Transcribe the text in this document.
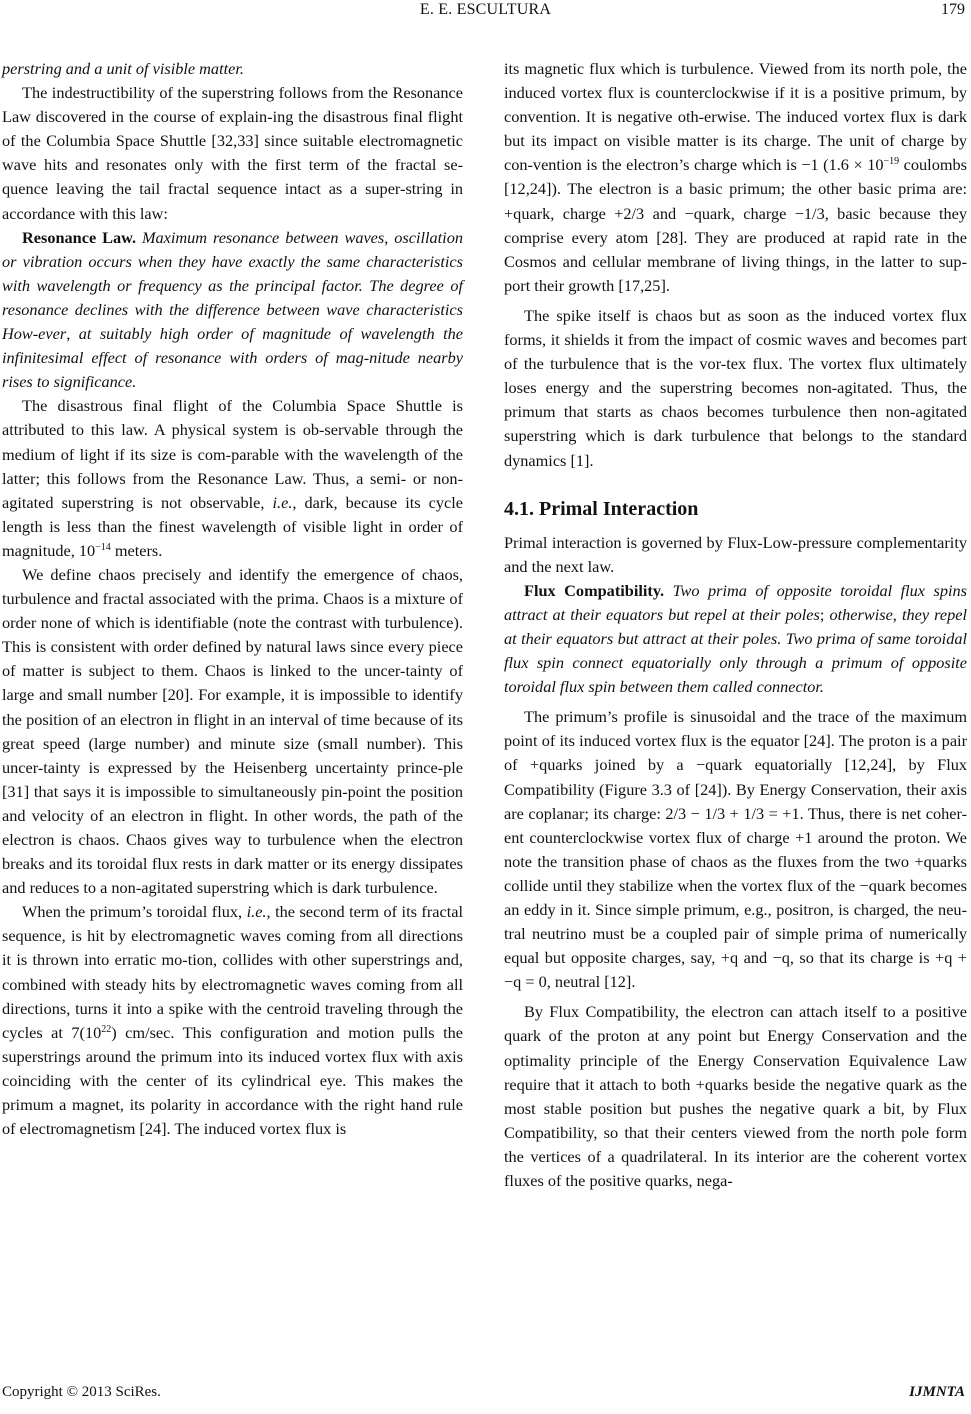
E. E. ESCULTURA	179

perstring and a unit of visible matter.

The indestructibility of the superstring follows from the Resonance Law discovered in the course of explain-ing the disastrous final flight of the Columbia Space Shuttle [32,33] since suitable electromagnetic wave hits and resonates only with the first term of the fractal se-quence leaving the tail fractal sequence intact as a super-string in accordance with this law:

Resonance Law. Maximum resonance between waves, oscillation or vibration occurs when they have exactly the same characteristics with wavelength or frequency as the principal factor. The degree of resonance declines with the difference between wave characteristics How-ever, at suitably high order of magnitude of wavelength the infinitesimal effect of resonance with orders of mag-nitude nearby rises to significance.

The disastrous final flight of the Columbia Space Shuttle is attributed to this law. A physical system is ob-servable through the medium of light if its size is com-parable with the wavelength of the latter; this follows from the Resonance Law. Thus, a semi- or non-agitated superstring is not observable, i.e., dark, because its cycle length is less than the finest wavelength of visible light in order of magnitude, $10^{-14}$ meters.

We define chaos precisely and identify the emergence of chaos, turbulence and fractal associated with the prima. Chaos is a mixture of order none of which is identifiable (note the contrast with turbulence). This is consistent with order defined by natural laws since every piece of matter is subject to them. Chaos is linked to the uncer-tainty of large and small number [20]. For example, it is impossible to identify the position of an electron in flight in an interval of time because of its great speed (large number) and minute size (small number). This uncer-tainty is expressed by the Heisenberg uncertainty prince-ple [31] that says it is impossible to simultaneously pin-point the position and velocity of an electron in flight. In other words, the path of the electron is chaos. Chaos gives way to turbulence when the electron breaks and its toroidal flux rests in dark matter or its energy dissipates and reduces to a non-agitated superstring which is dark turbulence.

When the primum’s toroidal flux, i.e., the second term of its fractal sequence, is hit by electromagnetic waves coming from all directions it is thrown into erratic mo-tion, collides with other superstrings and, combined with steady hits by electromagnetic waves coming from all directions, turns it into a spike with the centroid traveling through the cycles at $7(10^{22})$ cm/sec. This configuration and motion pulls the superstrings around the primum into its induced vortex flux with axis coinciding with the center of its cylindrical eye. This makes the primum a magnet, its polarity in accordance with the right hand rule of electromagnetism [24]. The induced vortex flux is

its magnetic flux which is turbulence. Viewed from its north pole, the induced vortex flux is counterclockwise if it is a positive primum, by convention. It is negative oth-erwise. The induced vortex flux is dark but its impact on visible matter is its charge. The unit of charge by con-vention is the electron’s charge which is −1 ($1.6 \times 10^{-19}$ coulombs [12,24]). The electron is a basic primum; the other basic prima are: +quark, charge +2/3 and −quark, charge −1/3, basic because they comprise every atom [28]. They are produced at rapid rate in the Cosmos and cellular membrane of living things, in the latter to sup-port their growth [17,25].

The spike itself is chaos but as soon as the induced vortex flux forms, it shields it from the impact of cosmic waves and becomes part of the turbulence that is the vor-tex flux. The vortex flux ultimately loses energy and the superstring becomes non-agitated. Thus, the primum that starts as chaos becomes turbulence then non-agitated superstring which is dark turbulence that belongs to the standard dynamics [1].

4.1. Primal Interaction

Primal interaction is governed by Flux-Low-pressure complementarity and the next law.

Flux Compatibility. Two prima of opposite toroidal flux spins attract at their equators but repel at their poles; otherwise, they repel at their equators but attract at their poles. Two prima of same toroidal flux spin connect equatorially only through a primum of opposite toroidal flux spin between them called connector.

The primum’s profile is sinusoidal and the trace of the maximum point of its induced vortex flux is the equator [24]. The proton is a pair of +quarks joined by a −quark equatorially [12,24], by Flux Compatibility (Figure 3.3 of [24]). By Energy Conservation, their axis are coplanar; its charge: 2/3 − 1/3 + 1/3 = +1. Thus, there is net coher-ent counterclockwise vortex flux of charge +1 around the proton. We note the transition phase of chaos as the fluxes from the two +quarks collide until they stabilize when the vortex flux of the −quark becomes an eddy in it. Since simple primum, e.g., positron, is charged, the neu-tral neutrino must be a coupled pair of simple prima of numerically equal but opposite charges, say, +q and −q, so that its charge is +q + −q = 0, neutral [12].

By Flux Compatibility, the electron can attach itself to a positive quark of the proton at any point but Energy Conservation and the optimality principle of the Energy Conservation Equivalence Law require that it attach to both +quarks beside the negative quark as the most stable position but pushes the negative quark a bit, by Flux Compatibility, so that their centers viewed from the north pole form the vertices of a quadrilateral. In its interior are the coherent vortex fluxes of the positive quarks, nega-

Copyright © 2013 SciRes.	IJMNTA
